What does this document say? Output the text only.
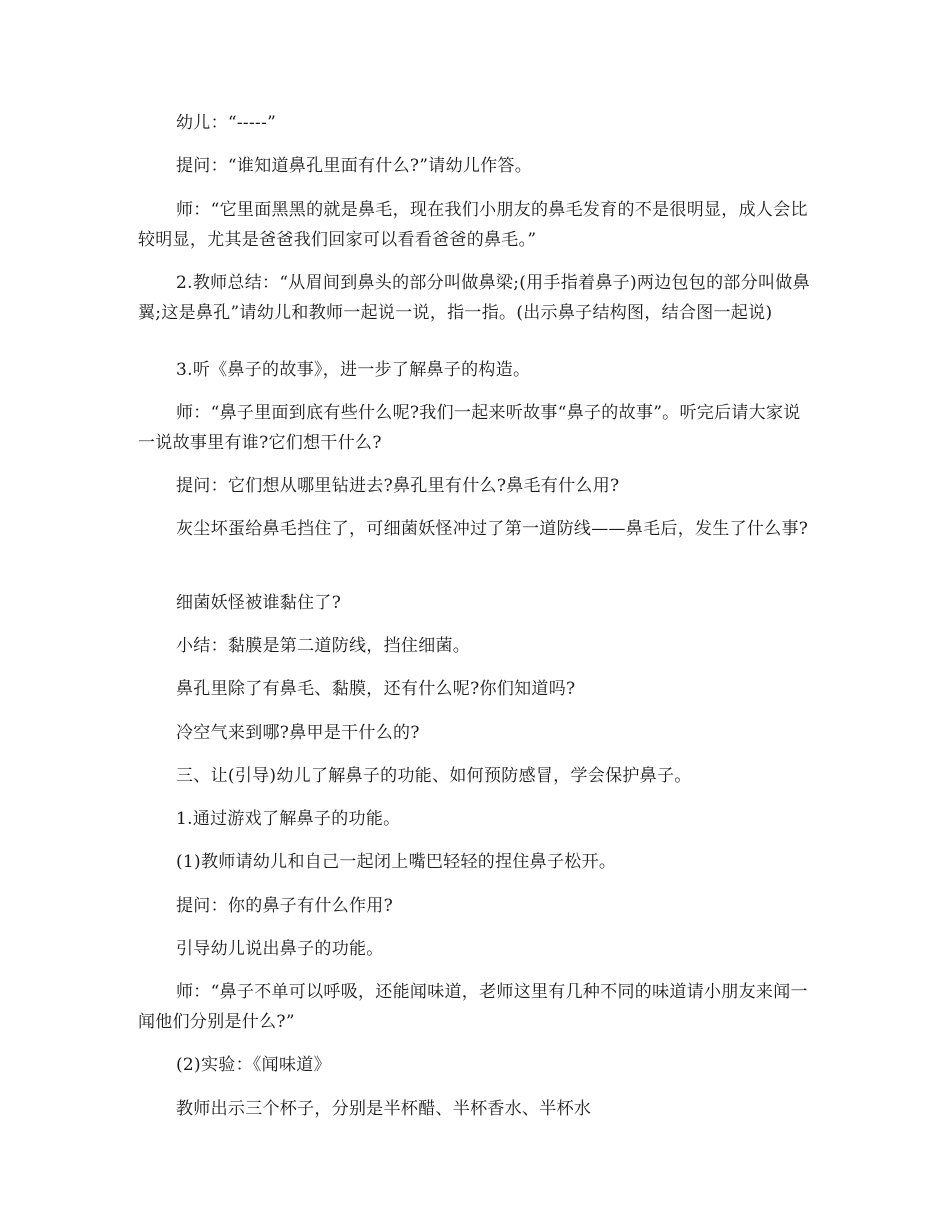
幼儿：“-----”

提问：“谁知道鼻孔里面有什么?”请幼儿作答。

师：“它里面黑黑的就是鼻毛，现在我们小朋友的鼻毛发育的不是很明显，成人会比较明显，尤其是爸爸我们回家可以看看爸爸的鼻毛。”

2.教师总结：“从眉间到鼻头的部分叫做鼻梁;(用手指着鼻子)两边包包的部分叫做鼻翼;这是鼻孔”请幼儿和教师一起说一说，指一指。(出示鼻子结构图，结合图一起说)

3.听《鼻子的故事》，进一步了解鼻子的构造。

师：“鼻子里面到底有些什么呢?我们一起来听故事“鼻子的故事”。听完后请大家说一说故事里有谁?它们想干什么?

提问：它们想从哪里钻进去?鼻孔里有什么?鼻毛有什么用?

灰尘坏蛋给鼻毛挡住了，可细菌妖怪冲过了第一道防线——鼻毛后，发生了什么事?

细菌妖怪被谁黏住了?

小结：黏膜是第二道防线，挡住细菌。

鼻孔里除了有鼻毛、黏膜，还有什么呢?你们知道吗?

冷空气来到哪?鼻甲是干什么的?

三、让(引导)幼儿了解鼻子的功能、如何预防感冒，学会保护鼻子。

1.通过游戏了解鼻子的功能。

(1)教师请幼儿和自己一起闭上嘴巴轻轻的捏住鼻子松开。

提问：你的鼻子有什么作用?

引导幼儿说出鼻子的功能。

师：“鼻子不单可以呼吸，还能闻味道，老师这里有几种不同的味道请小朋友来闻一闻他们分别是什么?”

(2)实验：《闻味道》

教师出示三个杯子，分别是半杯醋、半杯香水、半杯水
